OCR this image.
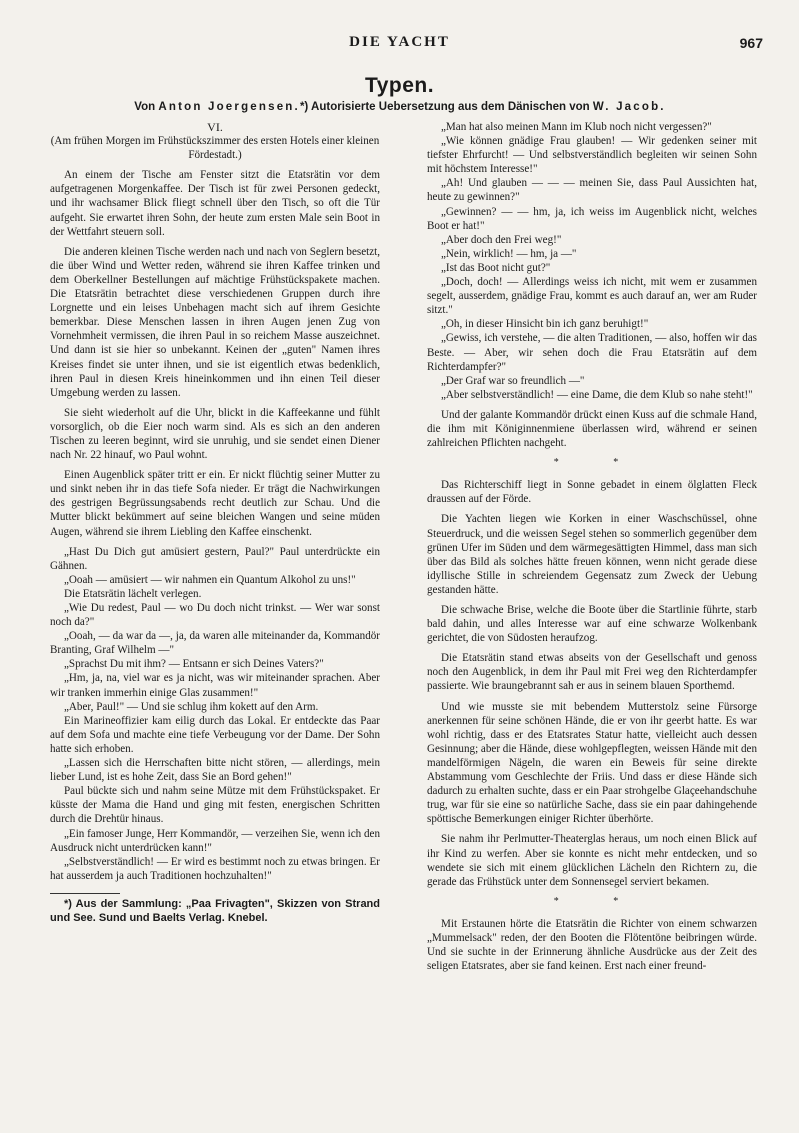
DIE YACHT	967
Typen.
Von Anton Joergensen.*) Autorisierte Uebersetzung aus dem Dänischen von W. Jacob.

VI.

(Am frühen Morgen im Frühstückszimmer des ersten Hotels einer kleinen Fördestadt.)

An einem der Tische am Fenster sitzt die Etatsrätin vor dem aufgetragenen Morgenkaffee. Der Tisch ist für zwei Personen gedeckt, und ihr wachsamer Blick fliegt schnell über den Tisch, so oft die Tür aufgeht. Sie erwartet ihren Sohn, der heute zum ersten Male sein Boot in der Wettfahrt steuern soll.

Die anderen kleinen Tische werden nach und nach von Seglern besetzt, die über Wind und Wetter reden, während sie ihren Kaffee trinken und dem Oberkellner Bestellungen auf mächtige Frühstückspakete machen. Die Etatsrätin betrachtet diese verschiedenen Gruppen durch ihre Lorgnette und ein leises Unbehagen macht sich auf ihrem Gesichte bemerkbar. Diese Menschen lassen in ihren Augen jenen Zug von Vornehmheit vermissen, die ihren Paul in so reichem Masse auszeichnet. Und dann ist sie hier so unbekannt. Keinen der „guten" Namen ihres Kreises findet sie unter ihnen, und sie ist eigentlich etwas bedenklich, ihren Paul in diesen Kreis hineinkommen und ihn einen Teil dieser Umgebung werden zu lassen.

Sie sieht wiederholt auf die Uhr, blickt in die Kaffeekanne und fühlt vorsorglich, ob die Eier noch warm sind. Als es sich an den anderen Tischen zu leeren beginnt, wird sie unruhig, und sie sendet einen Diener nach Nr. 22 hinauf, wo Paul wohnt.

Einen Augenblick später tritt er ein. Er nickt flüchtig seiner Mutter zu und sinkt neben ihr in das tiefe Sofa nieder. Er trägt die Nachwirkungen des gestrigen Begrüssungsabends recht deutlich zur Schau. Und die Mutter blickt bekümmert auf seine bleichen Wangen und seine müden Augen, während sie ihrem Liebling den Kaffee einschenkt.

„Hast Du Dich gut amüsiert gestern, Paul?" Paul unterdrückte ein Gähnen.

„Ooah — amüsiert — wir nahmen ein Quantum Alkohol zu uns!"

Die Etatsrätin lächelt verlegen.

„Wie Du redest, Paul — wo Du doch nicht trinkst. — Wer war sonst noch da?"

„Ooah, — da war da —, ja, da waren alle miteinander da, Kommandör Branting, Graf Wilhelm —"

„Sprachst Du mit ihm? — Entsann er sich Deines Vaters?"

„Hm, ja, na, viel war es ja nicht, was wir miteinander sprachen. Aber wir tranken immerhin einige Glas zusammen!"

„Aber, Paul!" — Und sie schlug ihm kokett auf den Arm.

Ein Marineoffizier kam eilig durch das Lokal. Er entdeckte das Paar auf dem Sofa und machte eine tiefe Verbeugung vor der Dame. Der Sohn hatte sich erhoben.

„Lassen sich die Herrschaften bitte nicht stören, — allerdings, mein lieber Lund, ist es hohe Zeit, dass Sie an Bord gehen!"

Paul bückte sich und nahm seine Mütze mit dem Frühstückspaket. Er küsste der Mama die Hand und ging mit festen, energischen Schritten durch die Drehtür hinaus.

„Ein famoser Junge, Herr Kommandör, — verzeihen Sie, wenn ich den Ausdruck nicht unterdrücken kann!"

„Selbstverständlich! — Er wird es bestimmt noch zu etwas bringen. Er hat ausserdem ja auch Traditionen hochzuhalten!"

*) Aus der Sammlung: „Paa Frivagten", Skizzen von Strand und See. Sund und Baelts Verlag. Knebel.

„Man hat also meinen Mann im Klub noch nicht vergessen?"

„Wie können gnädige Frau glauben! — Wir gedenken seiner mit tiefster Ehrfurcht! — Und selbstverständlich begleiten wir seinen Sohn mit höchstem Interesse!"

„Ah! Und glauben — — — meinen Sie, dass Paul Aussichten hat, heute zu gewinnen?"

„Gewinnen? — — hm, ja, ich weiss im Augenblick nicht, welches Boot er hat!"

„Aber doch den Frei weg!"

„Nein, wirklich! — hm, ja —"

„Ist das Boot nicht gut?"

„Doch, doch! — Allerdings weiss ich nicht, mit wem er zusammen segelt, ausserdem, gnädige Frau, kommt es auch darauf an, wer am Ruder sitzt."

„Oh, in dieser Hinsicht bin ich ganz beruhigt!"

„Gewiss, ich verstehe, — die alten Traditionen, — also, hoffen wir das Beste. — Aber, wir sehen doch die Frau Etatsrätin auf dem Richterdampfer?"

„Der Graf war so freundlich —"

„Aber selbstverständlich! — eine Dame, die dem Klub so nahe steht!"

Und der galante Kommandör drückt einen Kuss auf die schmale Hand, die ihm mit Königinnenmiene überlassen wird, während er seinen zahlreichen Pflichten nachgeht.

* *

Das Richterschiff liegt in Sonne gebadet in einem ölglatten Fleck draussen auf der Förde.

Die Yachten liegen wie Korken in einer Waschschüssel, ohne Steuerdruck, und die weissen Segel stehen so sommerlich gegenüber dem grünen Ufer im Süden und dem wärmegesättigten Himmel, dass man sich über das Bild als solches hätte freuen können, wenn nicht gerade diese idyllische Stille in schreiendem Gegensatz zum Zweck der Uebung gestanden hätte.

Die schwache Brise, welche die Boote über die Startlinie führte, starb bald dahin, und alles Interesse war auf eine schwarze Wolkenbank gerichtet, die von Südosten heraufzog.

Die Etatsrätin stand etwas abseits von der Gesellschaft und genoss noch den Augenblick, in dem ihr Paul mit Frei weg den Richterdampfer passierte. Wie braungebrannt sah er aus in seinem blauen Sporthemd.

Und wie musste sie mit bebendem Mutterstolz seine Fürsorge anerkennen für seine schönen Hände, die er von ihr geerbt hatte. Es war wohl richtig, dass er des Etatsrates Statur hatte, vielleicht auch dessen Gesinnung; aber die Hände, diese wohlgepflegten, weissen Hände mit den mandelförmigen Nägeln, die waren ein Beweis für seine direkte Abstammung vom Geschlechte der Friis. Und dass er diese Hände sich dadurch zu erhalten suchte, dass er ein Paar strohgelbe Glaçeehandschuhe trug, war für sie eine so natürliche Sache, dass sie ein paar dahingehende spöttische Bemerkungen einiger Richter überhörte.

Sie nahm ihr Perlmutter-Theaterglas heraus, um noch einen Blick auf ihr Kind zu werfen. Aber sie konnte es nicht mehr entdecken, und so wendete sie sich mit einem glücklichen Lächeln den Richtern zu, die gerade das Frühstück unter dem Sonnensegel serviert bekamen.

* *

Mit Erstaunen hörte die Etatsrätin die Richter von einem schwarzen „Mummelsack" reden, der den Booten die Flötentöne beibringen würde. Und sie suchte in der Erinnerung ähnliche Ausdrücke aus der Zeit des seligen Etatsrates, aber sie fand keinen. Erst nach einer freund-
